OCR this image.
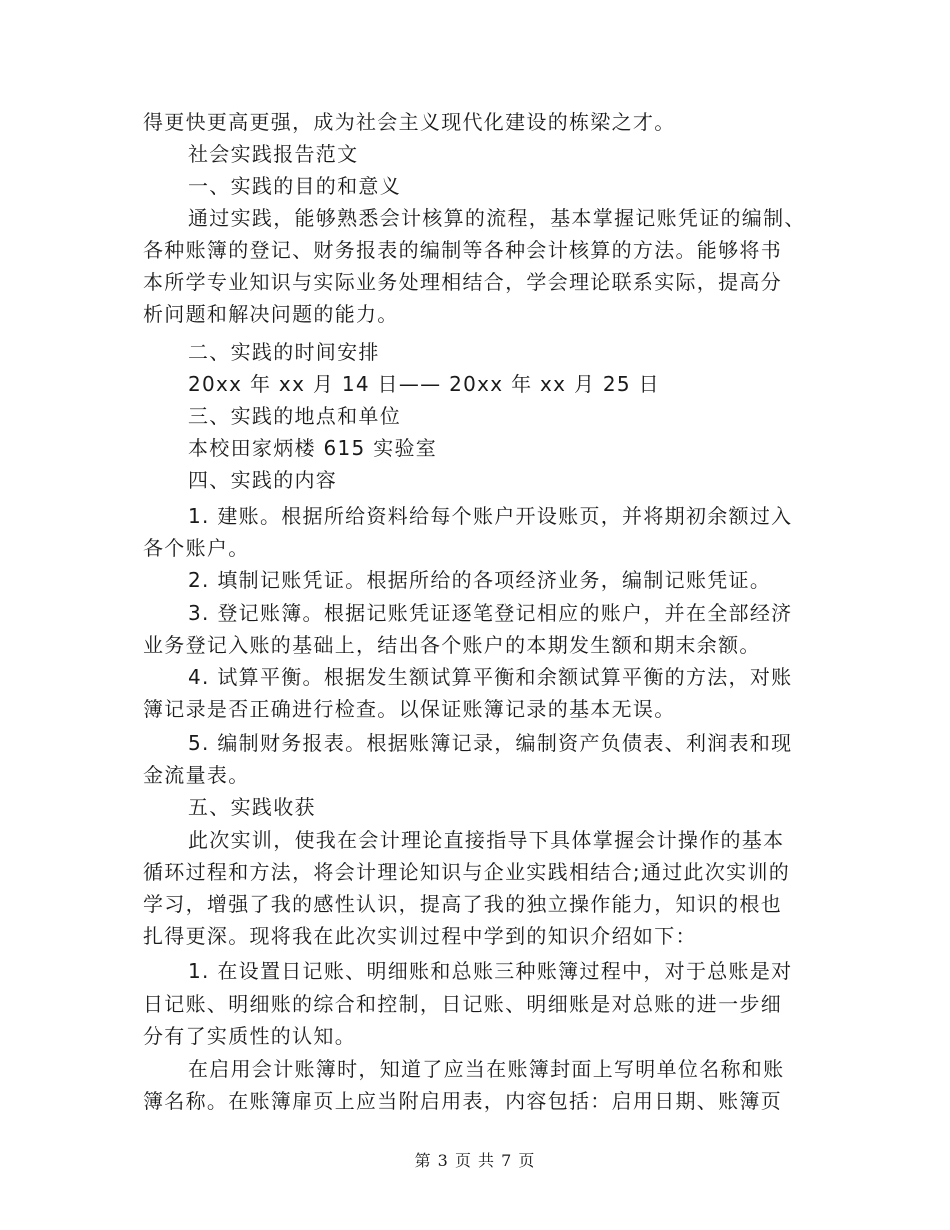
得更快更高更强，成为社会主义现代化建设的栋梁之才。
社会实践报告范文
一、实践的目的和意义
通过实践，能够熟悉会计核算的流程，基本掌握记账凭证的编制、
各种账簿的登记、财务报表的编制等各种会计核算的方法。能够将书
本所学专业知识与实际业务处理相结合，学会理论联系实际，提高分
析问题和解决问题的能力。
二、实践的时间安排
20xx 年 xx 月 14 日—— 20xx 年 xx 月 25 日
三、实践的地点和单位
本校田家炳楼 615 实验室
四、实践的内容
1. 建账。根据所给资料给每个账户开设账页，并将期初余额过入
各个账户。
2. 填制记账凭证。根据所给的各项经济业务，编制记账凭证。
3. 登记账簿。根据记账凭证逐笔登记相应的账户，并在全部经济
业务登记入账的基础上，结出各个账户的本期发生额和期末余额。
4. 试算平衡。根据发生额试算平衡和余额试算平衡的方法，对账
簿记录是否正确进行检查。以保证账簿记录的基本无误。
5. 编制财务报表。根据账簿记录，编制资产负债表、利润表和现
金流量表。
五、实践收获
此次实训，使我在会计理论直接指导下具体掌握会计操作的基本
循环过程和方法，将会计理论知识与企业实践相结合;通过此次实训的
学习，增强了我的感性认识，提高了我的独立操作能力，知识的根也
扎得更深。现将我在此次实训过程中学到的知识介绍如下：
1. 在设置日记账、明细账和总账三种账簿过程中，对于总账是对
日记账、明细账的综合和控制，日记账、明细账是对总账的进一步细
分有了实质性的认知。
在启用会计账簿时，知道了应当在账簿封面上写明单位名称和账
簿名称。在账簿扉页上应当附启用表，内容包括：启用日期、账簿页
第 3 页 共 7 页
